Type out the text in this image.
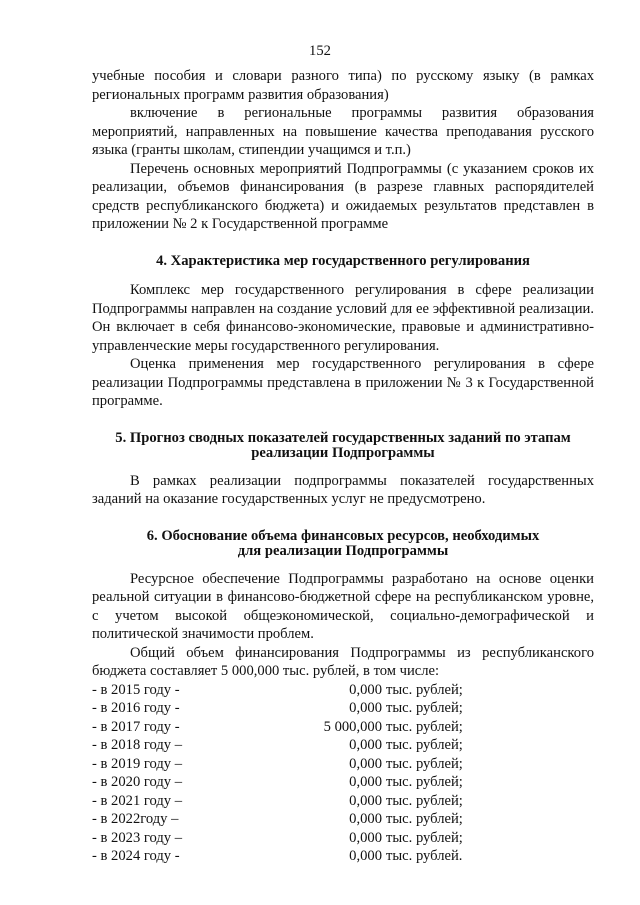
152

учебные пособия и словари разного типа) по русскому языку (в рамках региональных программ развития образования)

включение в региональные программы развития образования мероприятий, направленных на повышение качества преподавания русского языка (гранты школам, стипендии учащимся и т.п.)

Перечень основных мероприятий Подпрограммы (с указанием сроков их реализации, объемов финансирования (в разрезе главных распорядителей средств республиканского бюджета) и ожидаемых результатов представлен в приложении № 2 к Государственной программе

4. Характеристика мер государственного регулирования

Комплекс мер государственного регулирования в сфере реализации Подпрограммы направлен на создание условий для ее эффективной реализации. Он включает в себя финансово-экономические, правовые и административно-управленческие меры государственного регулирования.

Оценка применения мер государственного регулирования в сфере реализации Подпрограммы представлена в приложении № 3 к Государственной программе.

5. Прогноз сводных показателей государственных заданий по этапам
реализации Подпрограммы

В рамках реализации подпрограммы показателей государственных заданий на оказание государственных услуг не предусмотрено.

6. Обоснование объема финансовых ресурсов, необходимых
для реализации Подпрограммы

Ресурсное обеспечение Подпрограммы разработано на основе оценки реальной ситуации в финансово-бюджетной сфере на республиканском уровне, с учетом высокой общеэкономической, социально-демографической и политической значимости проблем.

Общий объем финансирования Подпрограммы из республиканского бюджета составляет 5 000,000 тыс. рублей, в том числе:

- в 2015 году -	0,000 тыс. рублей;
- в 2016 году -	0,000 тыс. рублей;
- в 2017 году -	5 000,000 тыс. рублей;
- в 2018 году –	0,000 тыс. рублей;
- в 2019 году –	0,000 тыс. рублей;
- в 2020 году –	0,000 тыс. рублей;
- в 2021 году –	0,000 тыс. рублей;
- в 2022году –	0,000 тыс. рублей;
- в 2023 году –	0,000 тыс. рублей;
- в 2024 году -	0,000 тыс. рублей.
